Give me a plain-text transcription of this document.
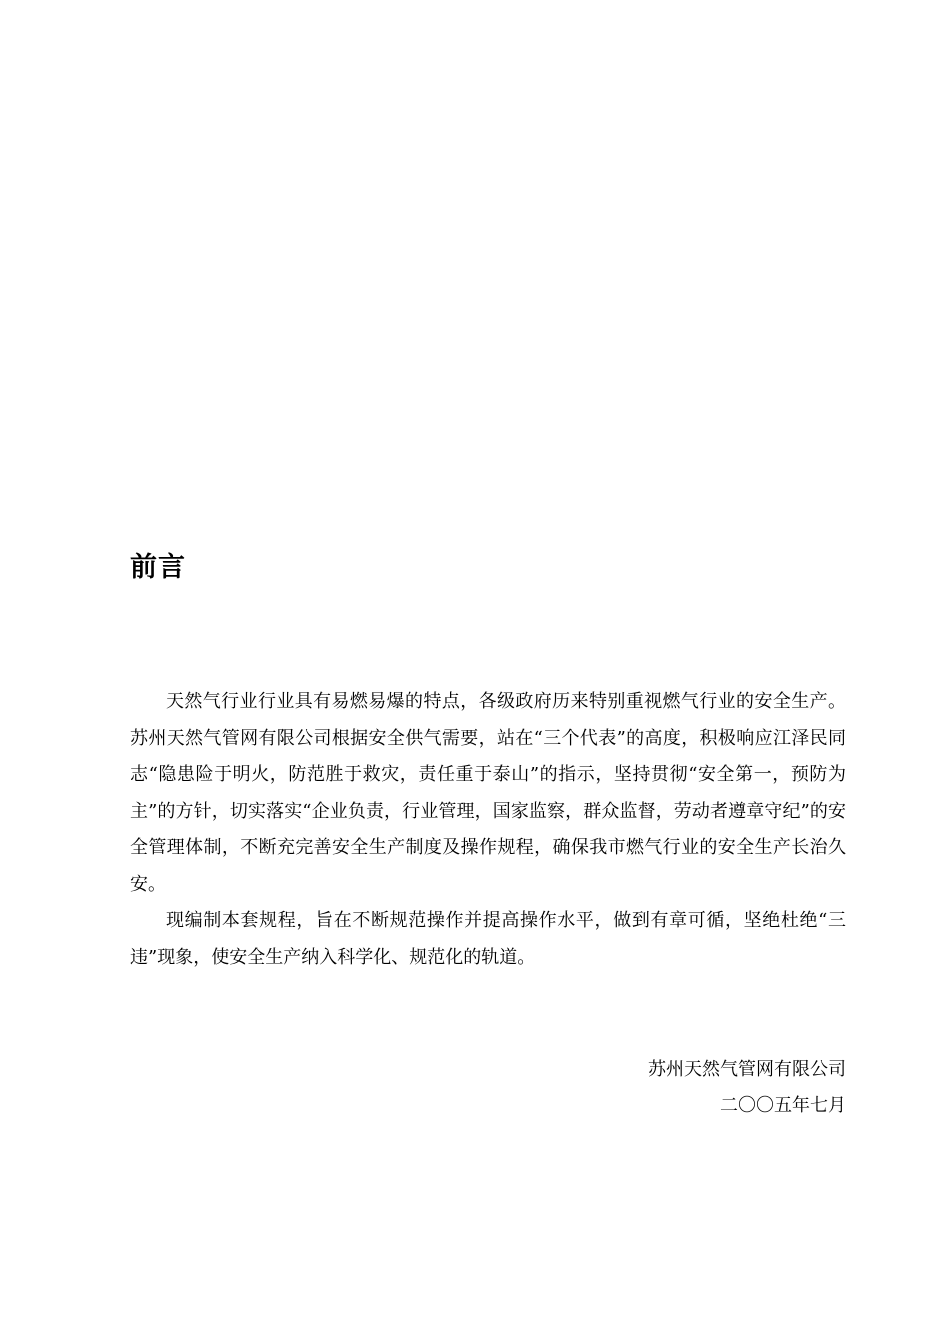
前言

天然气行业行业具有易燃易爆的特点，各级政府历来特别重视燃气行业的安全生产。苏州天然气管网有限公司根据安全供气需要，站在“三个代表”的高度，积极响应江泽民同志“隐患险于明火，防范胜于救灾，责任重于泰山”的指示，坚持贯彻“安全第一，预防为主”的方针，切实落实“企业负责，行业管理，国家监察，群众监督，劳动者遵章守纪”的安全管理体制，不断充完善安全生产制度及操作规程，确保我市燃气行业的安全生产长治久安。

现编制本套规程，旨在不断规范操作并提高操作水平，做到有章可循，坚绝杜绝“三违”现象，使安全生产纳入科学化、规范化的轨道。

苏州天然气管网有限公司

二〇〇五年七月
